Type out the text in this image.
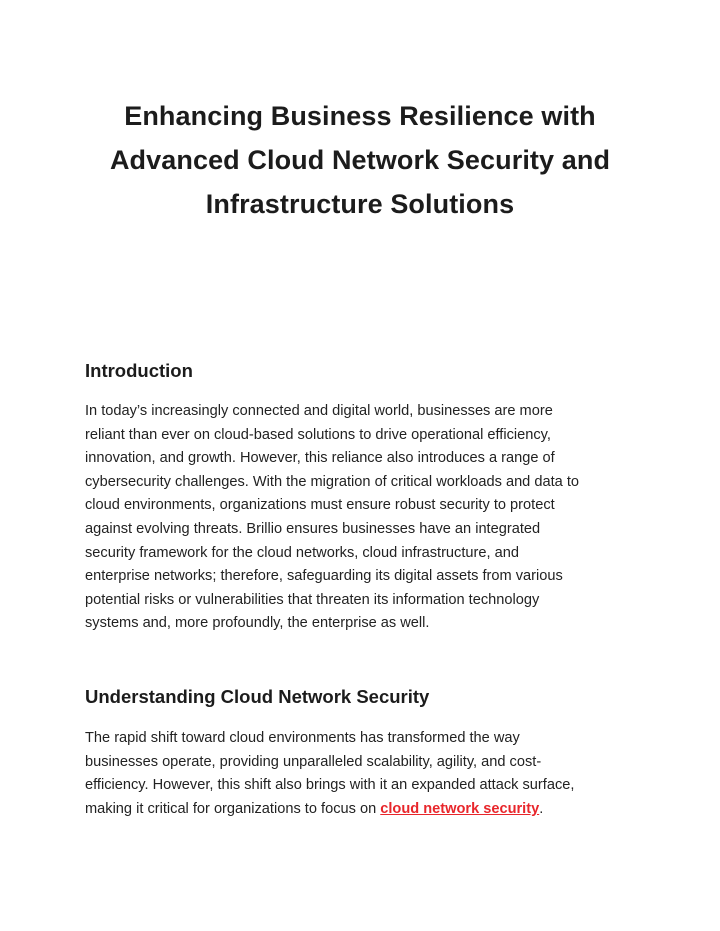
Enhancing Business Resilience with
Advanced Cloud Network Security and
Infrastructure Solutions
Introduction

In today’s increasingly connected and digital world, businesses are more
reliant than ever on cloud-based solutions to drive operational efficiency,
innovation, and growth. However, this reliance also introduces a range of
cybersecurity challenges. With the migration of critical workloads and data to
cloud environments, organizations must ensure robust security to protect
against evolving threats. Brillio ensures businesses have an integrated
security framework for the cloud networks, cloud infrastructure, and
enterprise networks; therefore, safeguarding its digital assets from various
potential risks or vulnerabilities that threaten its information technology
systems and, more profoundly, the enterprise as well.

Understanding Cloud Network Security

The rapid shift toward cloud environments has transformed the way
businesses operate, providing unparalleled scalability, agility, and cost-
efficiency. However, this shift also brings with it an expanded attack surface,
making it critical for organizations to focus on cloud network security.
